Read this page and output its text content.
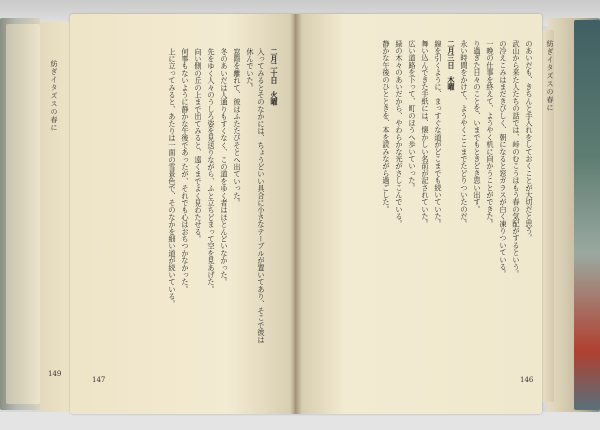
紡ぎイタズスの春に	紡ぎイタズスの春に
149
147	146

二月二十日　火曜

入ってみるとそのなかには、ちょうどいい具合に小さなテーブルが置いてあり、そこで彼は休んでいた。

窓際を離れて、彼はふたたびそとへ出ていった。

冬のあいだは人通りもすくなく、この道をゆく者はほとんどいなかった。

先をゆく人々のうしろ姿を見送りながら、ふと立ちどまって空を見あげた。

向い側の丘の上まで出てみると、遠くまでよく見わたせる。

何事もないように静かな午後であったが、それでも心はおちつかなかった。

上に立ってみると、あたりは一面の雪景色で、そのなかを細い道が続いている。	のあいだも、きちんと手入れをしておくことが大切だと思う。

武山から来た人たちの話では、峠のむこうはもう春の気配がするという。

の冷えこみはまだきびしく、朝になると窓ガラスが白く凍りついている。

一晩の仕事を終えて、ようやく机に向かうことができた。

り過ぎた日々のことを、いまでもときどき思い出す。

永い時間をかけて、ようやくここまでたどりついたのだ。

二月三日　木曜

線を引くように、まっすぐな道がどこまでも続いていた。

舞い込んできた手紙には、懐かしい名前が記されていた。

広い道路を下って、町のほうへ歩いていった。

緑の木々のあいだから、やわらかな光がさしこんでいる。

静かな午後のひとときを、本を読みながら過ごした。
